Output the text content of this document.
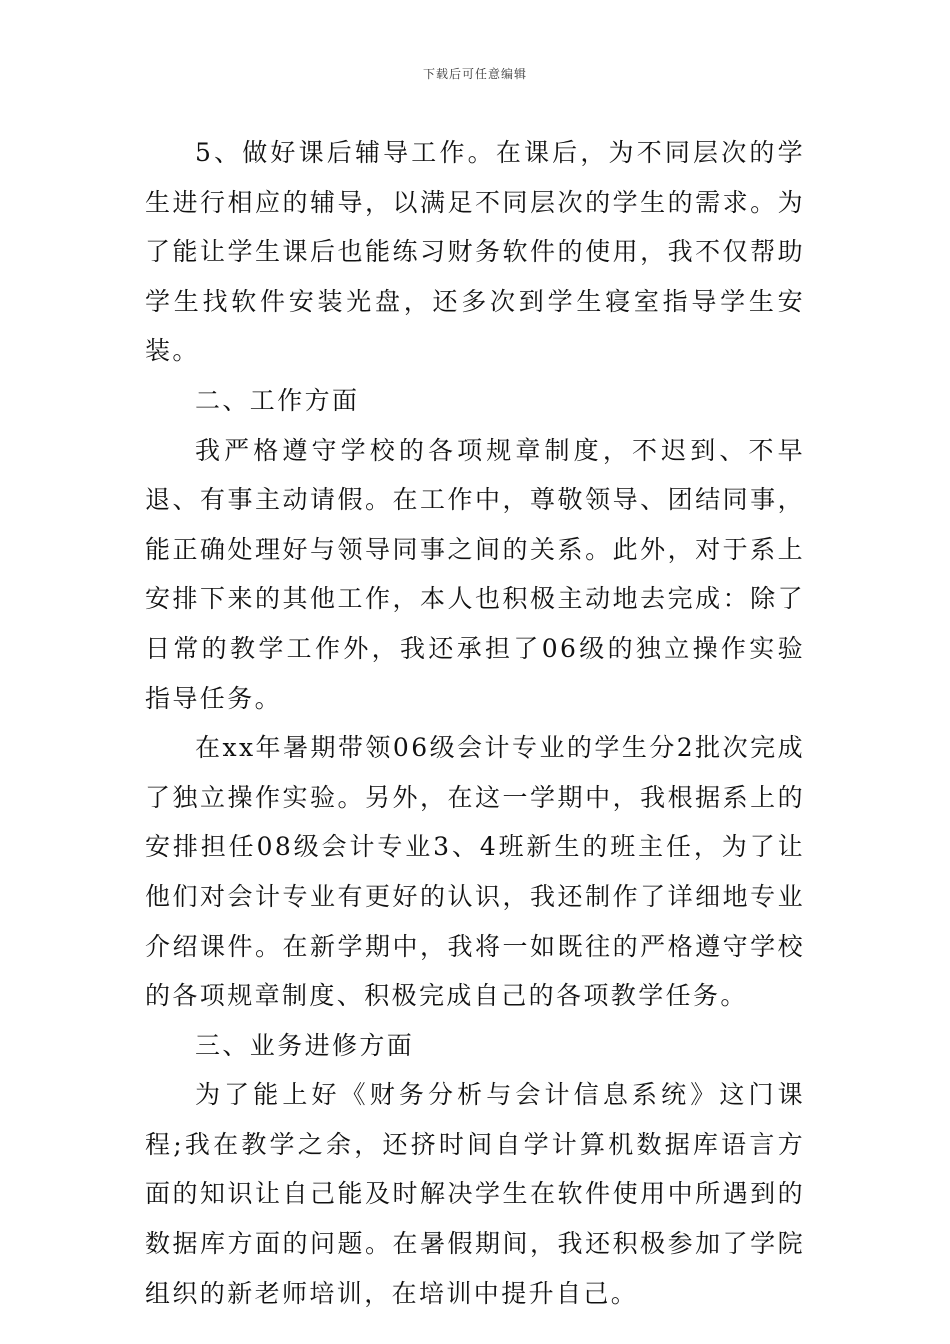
下载后可任意编辑

5、做好课后辅导工作。在课后，为不同层次的学生进行相应的辅导，以满足不同层次的学生的需求。为了能让学生课后也能练习财务软件的使用，我不仅帮助学生找软件安装光盘，还多次到学生寝室指导学生安装。

二、工作方面

我严格遵守学校的各项规章制度，不迟到、不早退、有事主动请假。在工作中，尊敬领导、团结同事，能正确处理好与领导同事之间的关系。此外，对于系上安排下来的其他工作，本人也积极主动地去完成：除了日常的教学工作外，我还承担了06级的独立操作实验指导任务。

在xx年暑期带领06级会计专业的学生分2批次完成了独立操作实验。另外，在这一学期中，我根据系上的安排担任08级会计专业3、4班新生的班主任，为了让他们对会计专业有更好的认识，我还制作了详细地专业介绍课件。在新学期中，我将一如既往的严格遵守学校的各项规章制度、积极完成自己的各项教学任务。

三、业务进修方面

为了能上好《财务分析与会计信息系统》这门课程;我在教学之余，还挤时间自学计算机数据库语言方面的知识让自己能及时解决学生在软件使用中所遇到的数据库方面的问题。在暑假期间，我还积极参加了学院组织的新老师培训，在培训中提升自己。
